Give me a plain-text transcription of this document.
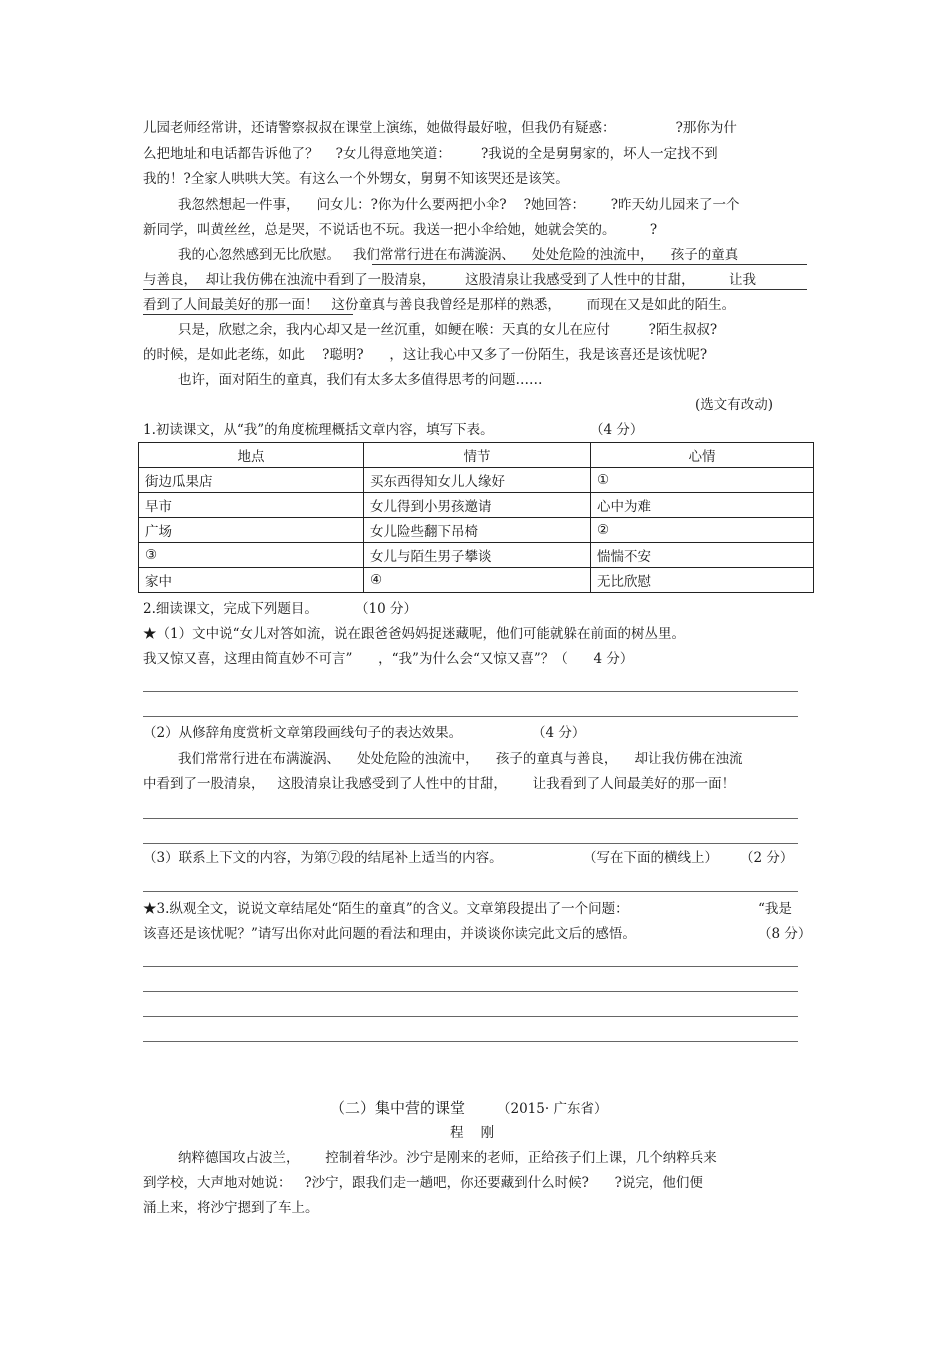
儿园老师经常讲，还请警察叔叔在课堂上演练，她做得最好啦，但我仍有疑惑：              ?那你为什
么把地址和电话都告诉他了？    ?女儿得意地笑道：       ?我说的全是舅舅家的，坏人一定找不到
我的！?全家人哄哄大笑。有这么一个外甥女，舅舅不知该哭还是该笑。
我忽然想起一件事，    问女儿：?你为什么要两把小伞?    ?她回答：      ?昨天幼儿园来了一个
新同学，叫黄丝丝，总是哭，不说话也不玩。我送一把小伞给她，她就会笑的。        ?
我的心忽然感到无比欣慰。   我们常常行进在布满漩涡、    处处危险的浊流中，    孩子的童真
与善良，  却让我仿佛在浊流中看到了一股清泉，       这股清泉让我感受到了人性中的甘甜，        让我
看到了人间最美好的那一面！   这份童真与善良我曾经是那样的熟悉，      而现在又是如此的陌生。
只是，欣慰之余，我内心却又是一丝沉重，如鲠在喉：天真的女儿在应付         ?陌生叔叔?
的时候，是如此老练，如此    ?聪明?      ，这让我心中又多了一份陌生，我是该喜还是该忧呢?
也许，面对陌生的童真，我们有太多太多值得思考的问题……
(选文有改动)
1.初读课文，从“我”的角度梳理概括文章内容，填写下表。	（4 分）
地点	情节	心情
街边瓜果店	买东西得知女儿人缘好	①
早市	女儿得到小男孩邀请	心中为难
广场	女儿险些翻下吊椅	②
③	女儿与陌生男子攀谈	惴惴不安
家中	④	无比欣慰
2.细读课文，完成下列题目。	（10 分）
★（1）文中说“女儿对答如流，说在跟爸爸妈妈捉迷藏呢，他们可能就躲在前面的树丛里。
我又惊又喜，这理由简直妙不可言”      ，“我”为什么会“又惊又喜”？（      4 分）
（2）从修辞角度赏析文章第段画线句子的表达效果。	（4 分）
我们常常行进在布满漩涡、    处处危险的浊流中，    孩子的童真与善良，    却让我仿佛在浊流
中看到了一股清泉，   这股清泉让我感受到了人性中的甘甜，      让我看到了人间最美好的那一面！
（3）联系上下文的内容，为第⑦段的结尾补上适当的内容。	（写在下面的横线上） （2 分）
★3.纵观全文，说说文章结尾处“陌生的童真”的含义。文章第段提出了一个问题：	“我是
该喜还是该忧呢？”请写出你对此问题的看法和理由，并谈谈你读完此文后的感悟。	（8 分）
（二）集中营的课堂 （2015· 广东省）
程    刚
纳粹德国攻占波兰，      控制着华沙。沙宁是刚来的老师，正给孩子们上课，几个纳粹兵来
到学校，大声地对她说：   ?沙宁，跟我们走一趟吧，你还要藏到什么时候?      ?说完，他们便
涌上来，将沙宁摁到了车上。
